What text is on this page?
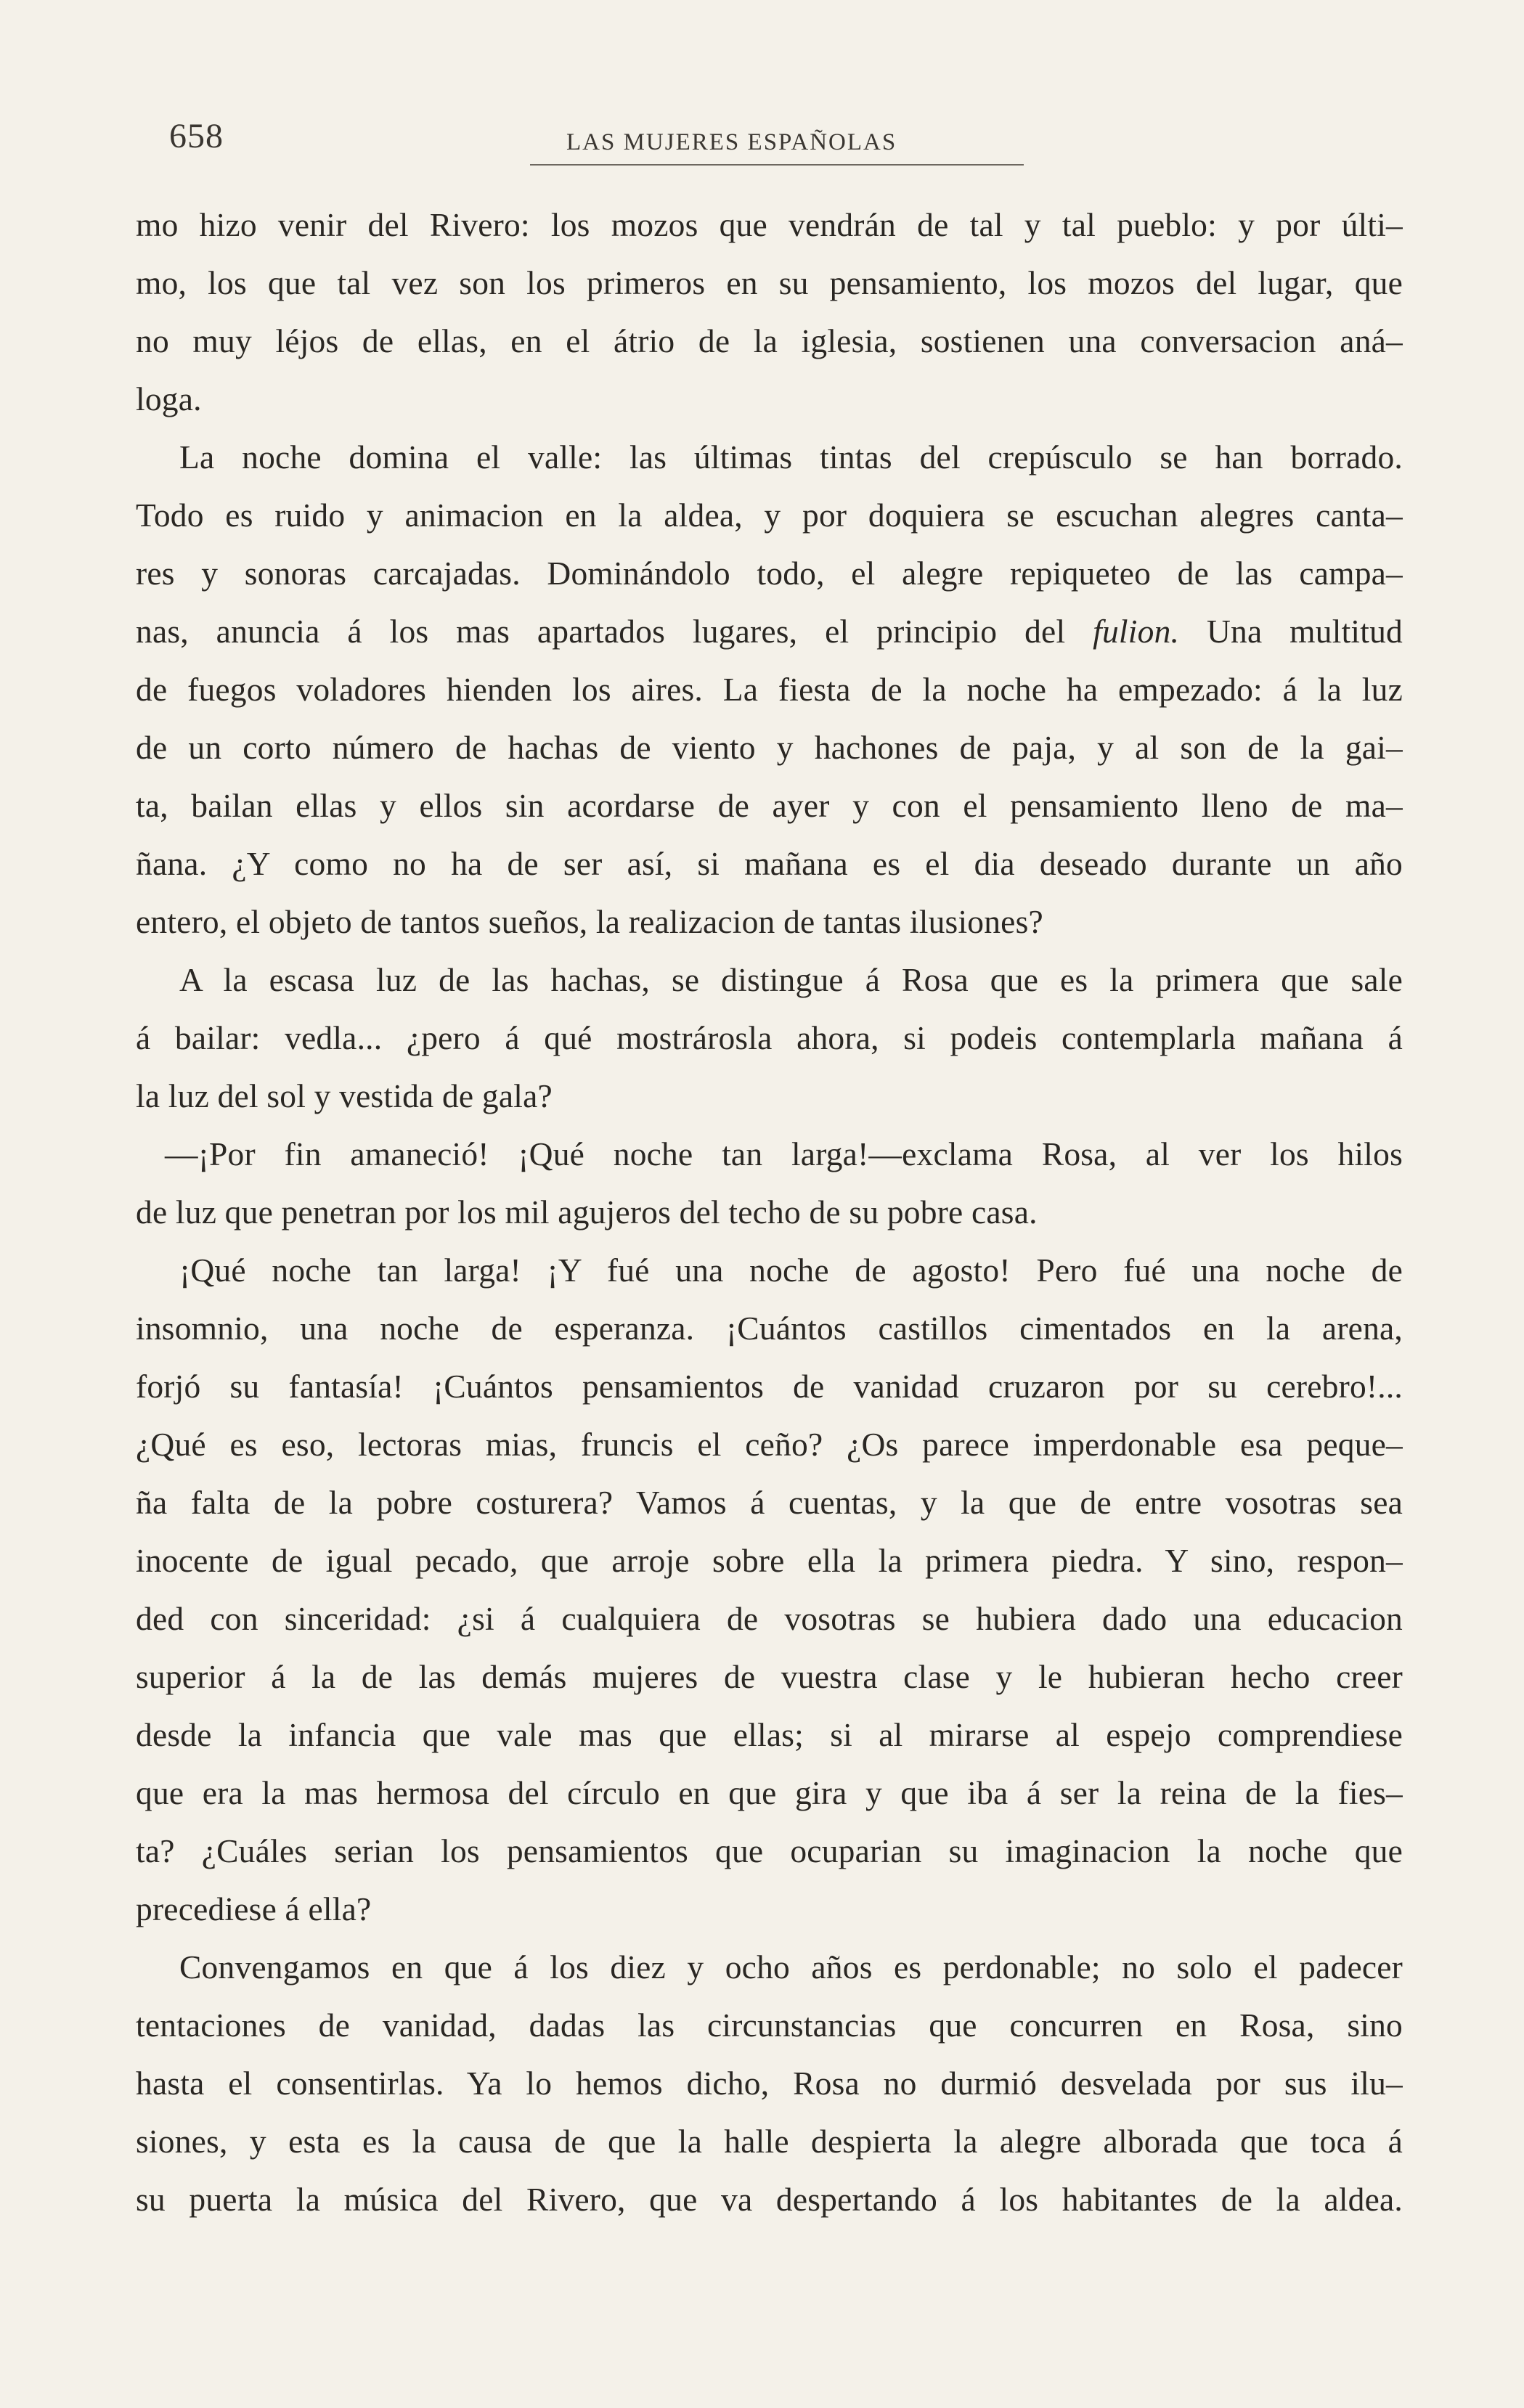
658	LAS MUJERES ESPAÑOLAS
mo hizo venir del Rivero: los mozos que vendrán de tal y tal pueblo: y por últi–
mo, los que tal vez son los primeros en su pensamiento, los mozos del lugar, que
no muy léjos de ellas, en el átrio de la iglesia, sostienen una conversacion aná–
loga.
La noche domina el valle: las últimas tintas del crepúsculo se han borrado.
Todo es ruido y animacion en la aldea, y por doquiera se escuchan alegres canta–
res y sonoras carcajadas. Dominándolo todo, el alegre repiqueteo de las campa–
nas, anuncia á los mas apartados lugares, el principio del fulion. Una multitud
de fuegos voladores hienden los aires. La fiesta de la noche ha empezado: á la luz
de un corto número de hachas de viento y hachones de paja, y al son de la gai–
ta, bailan ellas y ellos sin acordarse de ayer y con el pensamiento lleno de ma–
ñana. ¿Y como no ha de ser así, si mañana es el dia deseado durante un año
entero, el objeto de tantos sueños, la realizacion de tantas ilusiones?
A la escasa luz de las hachas, se distingue á Rosa que es la primera que sale
á bailar: vedla... ¿pero á qué mostrárosla ahora, si podeis contemplarla mañana á
la luz del sol y vestida de gala?
—¡Por fin amaneció! ¡Qué noche tan larga!—exclama Rosa, al ver los hilos
de luz que penetran por los mil agujeros del techo de su pobre casa.
¡Qué noche tan larga! ¡Y fué una noche de agosto! Pero fué una noche de
insomnio, una noche de esperanza. ¡Cuántos castillos cimentados en la arena,
forjó su fantasía! ¡Cuántos pensamientos de vanidad cruzaron por su cerebro!...
¿Qué es eso, lectoras mias, fruncis el ceño? ¿Os parece imperdonable esa peque–
ña falta de la pobre costurera? Vamos á cuentas, y la que de entre vosotras sea
inocente de igual pecado, que arroje sobre ella la primera piedra. Y sino, respon–
ded con sinceridad: ¿si á cualquiera de vosotras se hubiera dado una educacion
superior á la de las demás mujeres de vuestra clase y le hubieran hecho creer
desde la infancia que vale mas que ellas; si al mirarse al espejo comprendiese
que era la mas hermosa del círculo en que gira y que iba á ser la reina de la fies–
ta? ¿Cuáles serian los pensamientos que ocuparian su imaginacion la noche que
precediese á ella?
Convengamos en que á los diez y ocho años es perdonable; no solo el padecer
tentaciones de vanidad, dadas las circunstancias que concurren en Rosa, sino
hasta el consentirlas. Ya lo hemos dicho, Rosa no durmió desvelada por sus ilu–
siones, y esta es la causa de que la halle despierta la alegre alborada que toca á
su puerta la música del Rivero, que va despertando á los habitantes de la aldea.
